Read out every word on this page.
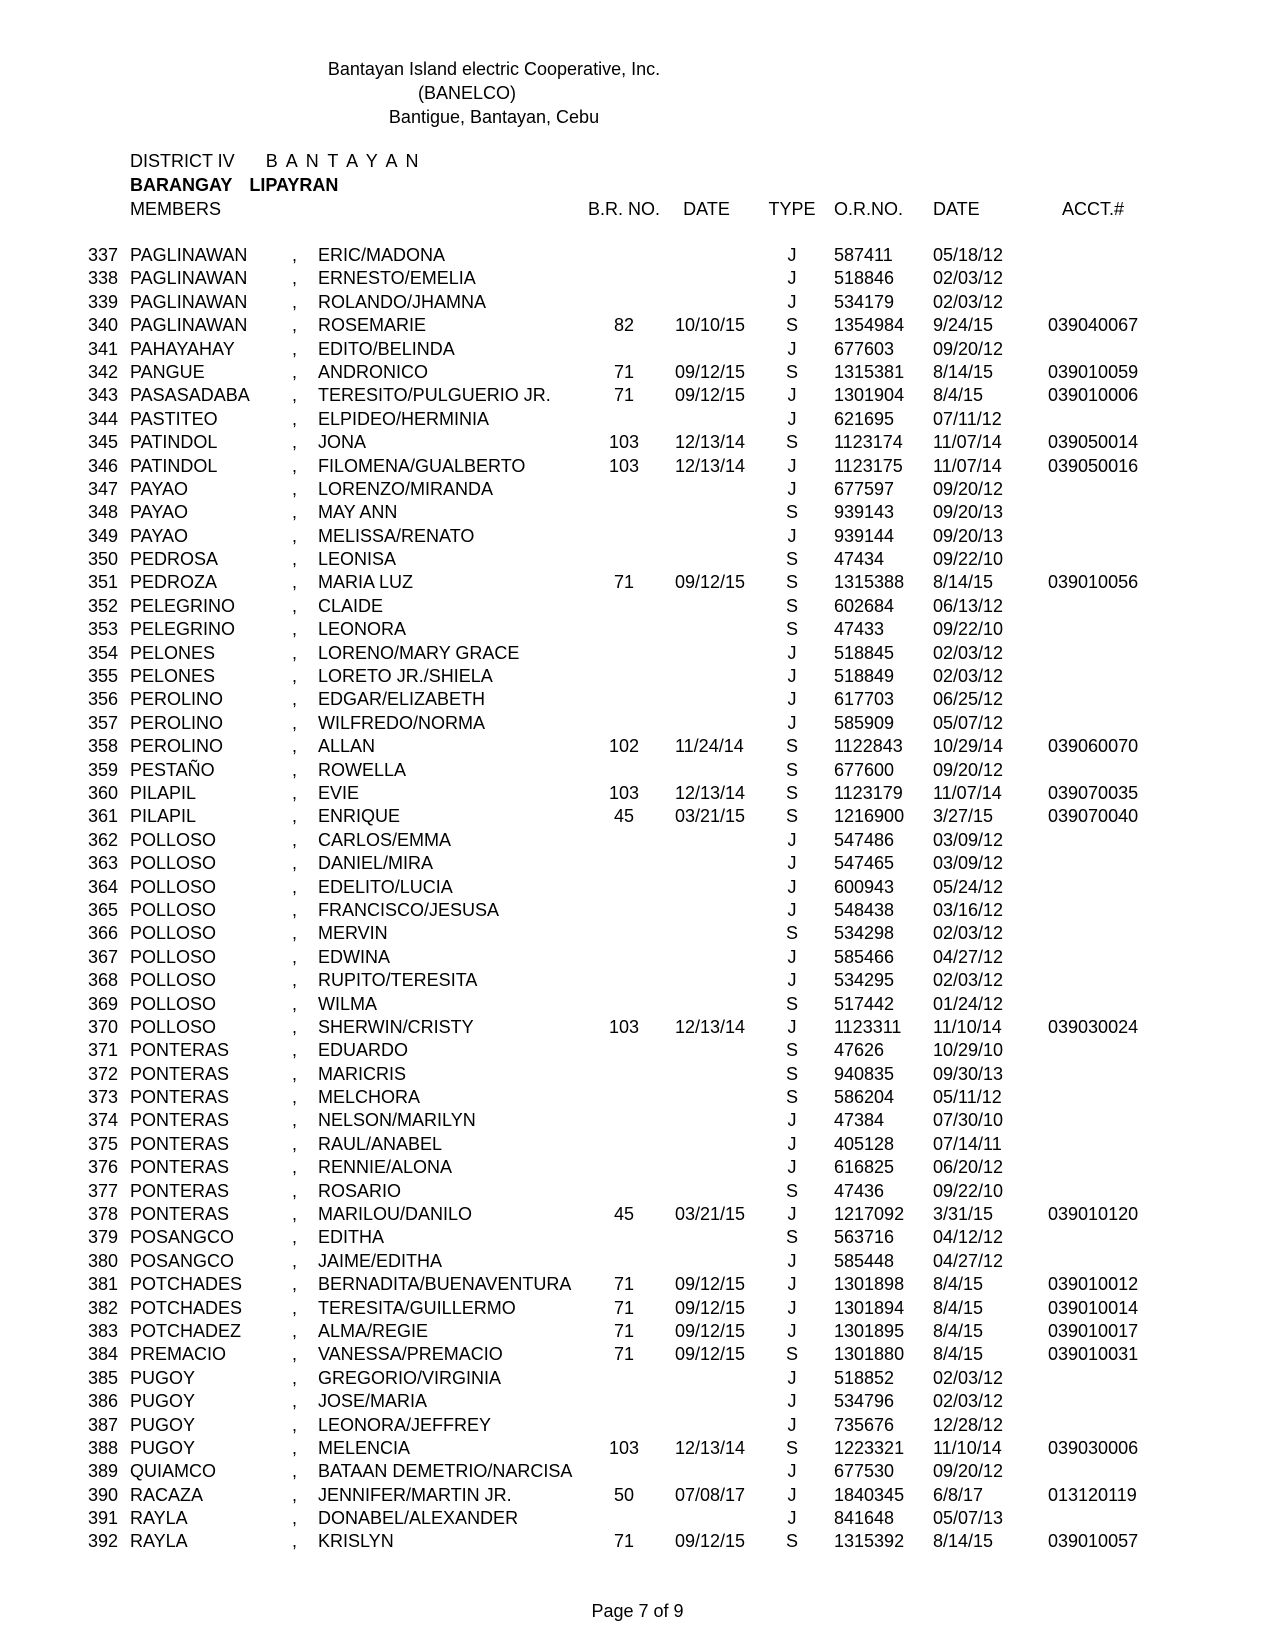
Bantayan Island electric Cooperative, Inc.
(BANELCO)
Bantigue, Bantayan, Cebu
DISTRICT IV B A N T A Y A N
BARANGAY LIPAYRAN
MEMBERS	B.R. NO.	DATE	TYPE	O.R.NO.	DATE	ACCT.#
337 PAGLINAWAN	,	ERIC/MADONA	J	587411	05/18/12
338 PAGLINAWAN	,	ERNESTO/EMELIA	J	518846	02/03/12
339 PAGLINAWAN	,	ROLANDO/JHAMNA	J	534179	02/03/12
340 PAGLINAWAN	,	ROSEMARIE	82	10/10/15	S	1354984	9/24/15	039040067
341 PAHAYAHAY	,	EDITO/BELINDA	J	677603	09/20/12
342 PANGUE	,	ANDRONICO	71	09/12/15	S	1315381	8/14/15	039010059
343 PASASADABA	,	TERESITO/PULGUERIO JR.	71	09/12/15	J	1301904	8/4/15	039010006
344 PASTITEO	,	ELPIDEO/HERMINIA	J	621695	07/11/12
345 PATINDOL	,	JONA	103	12/13/14	S	1123174	11/07/14	039050014
346 PATINDOL	,	FILOMENA/GUALBERTO	103	12/13/14	J	1123175	11/07/14	039050016
347 PAYAO	,	LORENZO/MIRANDA	J	677597	09/20/12
348 PAYAO	,	MAY ANN	S	939143	09/20/13
349 PAYAO	,	MELISSA/RENATO	J	939144	09/20/13
350 PEDROSA	,	LEONISA	S	47434	09/22/10
351 PEDROZA	,	MARIA LUZ	71	09/12/15	S	1315388	8/14/15	039010056
352 PELEGRINO	,	CLAIDE	S	602684	06/13/12
353 PELEGRINO	,	LEONORA	S	47433	09/22/10
354 PELONES	,	LORENO/MARY GRACE	J	518845	02/03/12
355 PELONES	,	LORETO JR./SHIELA	J	518849	02/03/12
356 PEROLINO	,	EDGAR/ELIZABETH	J	617703	06/25/12
357 PEROLINO	,	WILFREDO/NORMA	J	585909	05/07/12
358 PEROLINO	,	ALLAN	102	11/24/14	S	1122843	10/29/14	039060070
359 PESTAÑO	,	ROWELLA	S	677600	09/20/12
360 PILAPIL	,	EVIE	103	12/13/14	S	1123179	11/07/14	039070035
361 PILAPIL	,	ENRIQUE	45	03/21/15	S	1216900	3/27/15	039070040
362 POLLOSO	,	CARLOS/EMMA	J	547486	03/09/12
363 POLLOSO	,	DANIEL/MIRA	J	547465	03/09/12
364 POLLOSO	,	EDELITO/LUCIA	J	600943	05/24/12
365 POLLOSO	,	FRANCISCO/JESUSA	J	548438	03/16/12
366 POLLOSO	,	MERVIN	S	534298	02/03/12
367 POLLOSO	,	EDWINA	J	585466	04/27/12
368 POLLOSO	,	RUPITO/TERESITA	J	534295	02/03/12
369 POLLOSO	,	WILMA	S	517442	01/24/12
370 POLLOSO	,	SHERWIN/CRISTY	103	12/13/14	J	1123311	11/10/14	039030024
371 PONTERAS	,	EDUARDO	S	47626	10/29/10
372 PONTERAS	,	MARICRIS	S	940835	09/30/13
373 PONTERAS	,	MELCHORA	S	586204	05/11/12
374 PONTERAS	,	NELSON/MARILYN	J	47384	07/30/10
375 PONTERAS	,	RAUL/ANABEL	J	405128	07/14/11
376 PONTERAS	,	RENNIE/ALONA	J	616825	06/20/12
377 PONTERAS	,	ROSARIO	S	47436	09/22/10
378 PONTERAS	,	MARILOU/DANILO	45	03/21/15	J	1217092	3/31/15	039010120
379 POSANGCO	,	EDITHA	S	563716	04/12/12
380 POSANGCO	,	JAIME/EDITHA	J	585448	04/27/12
381 POTCHADES	,	BERNADITA/BUENAVENTURA	71	09/12/15	J	1301898	8/4/15	039010012
382 POTCHADES	,	TERESITA/GUILLERMO	71	09/12/15	J	1301894	8/4/15	039010014
383 POTCHADEZ	,	ALMA/REGIE	71	09/12/15	J	1301895	8/4/15	039010017
384 PREMACIO	,	VANESSA/PREMACIO	71	09/12/15	S	1301880	8/4/15	039010031
385 PUGOY	,	GREGORIO/VIRGINIA	J	518852	02/03/12
386 PUGOY	,	JOSE/MARIA	J	534796	02/03/12
387 PUGOY	,	LEONORA/JEFFREY	J	735676	12/28/12
388 PUGOY	,	MELENCIA	103	12/13/14	S	1223321	11/10/14	039030006
389 QUIAMCO	,	BATAAN DEMETRIO/NARCISA	J	677530	09/20/12
390 RACAZA	,	JENNIFER/MARTIN JR.	50	07/08/17	J	1840345	6/8/17	013120119
391 RAYLA	,	DONABEL/ALEXANDER	J	841648	05/07/13
392 RAYLA	,	KRISLYN	71	09/12/15	S	1315392	8/14/15	039010057
Page 7 of 9
